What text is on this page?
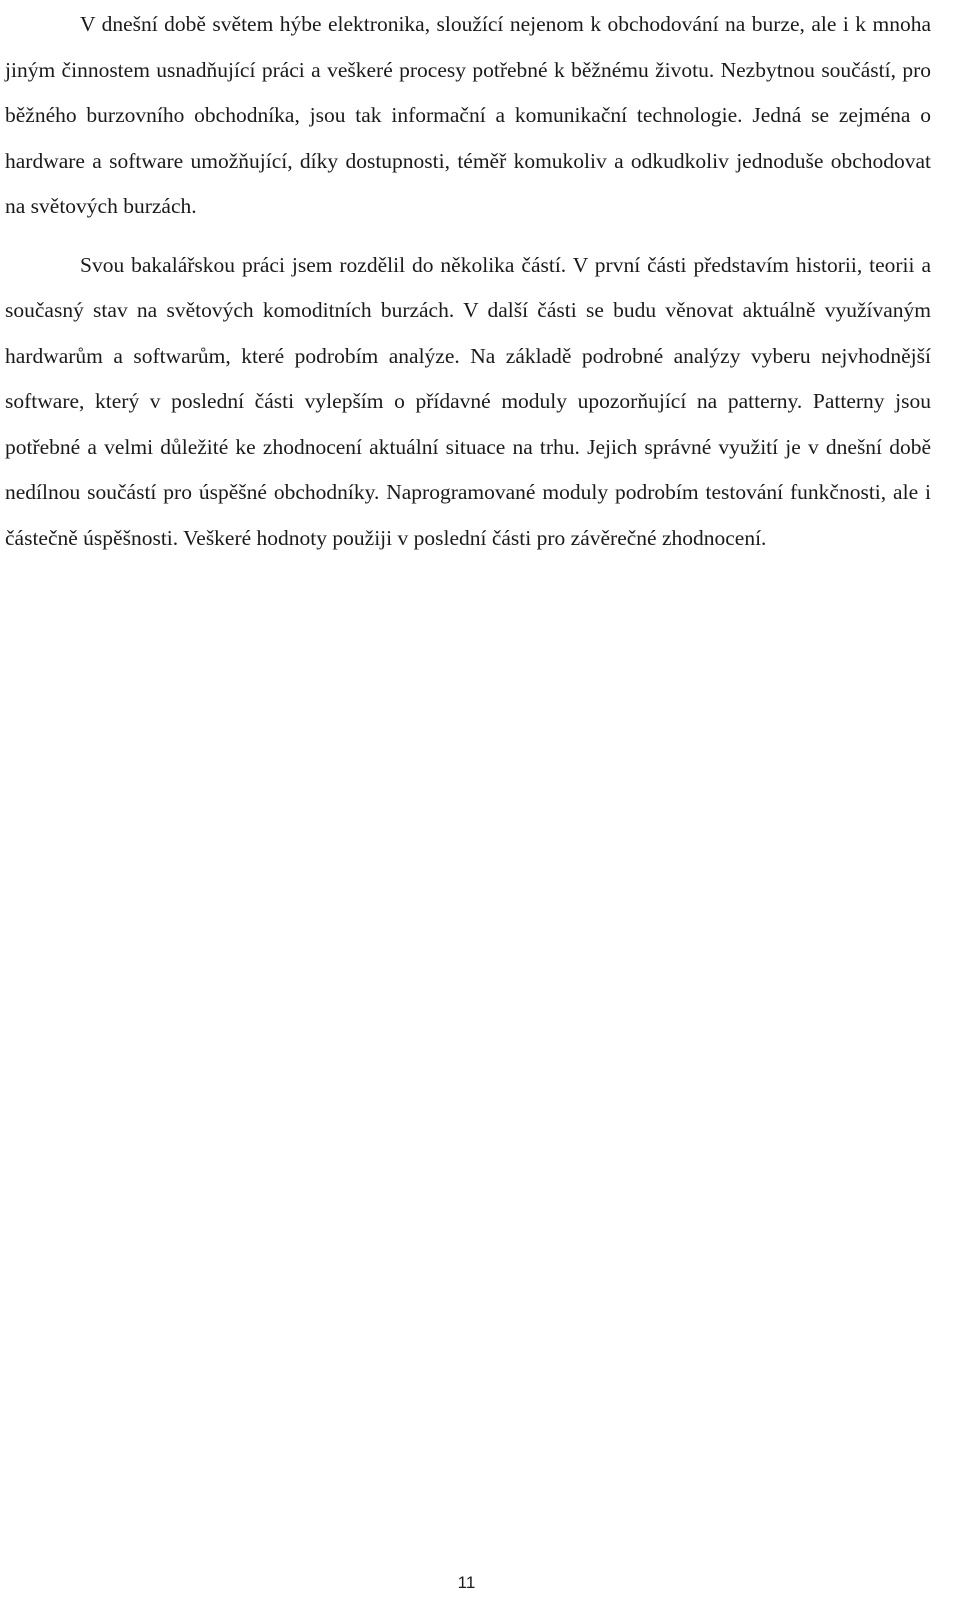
V dnešní době světem hýbe elektronika, sloužící nejenom k obchodování na burze, ale i k mnoha jiným činnostem usnadňující práci a veškeré procesy potřebné k běžnému životu. Nezbytnou součástí, pro běžného burzovního obchodníka, jsou tak informační a komunikační technologie. Jedná se zejména o hardware a software umožňující, díky dostupnosti, téměř komukoliv a odkudkoliv jednoduše obchodovat na světových burzách.

Svou bakalářskou práci jsem rozdělil do několika částí. V první části představím historii, teorii a současný stav na světových komoditních burzách. V další části se budu věnovat aktuálně využívaným hardwarům a softwarům, které podrobím analýze. Na základě podrobné analýzy vyberu nejvhodnější software, který v poslední části vylepším o přídavné moduly upozorňující na patterny. Patterny jsou potřebné a velmi důležité ke zhodnocení aktuální situace na trhu. Jejich správné využití je v dnešní době nedílnou součástí pro úspěšné obchodníky. Naprogramované moduly podrobím testování funkčnosti, ale i částečně úspěšnosti. Veškeré hodnoty použiji v poslední části pro závěrečné zhodnocení.

11
